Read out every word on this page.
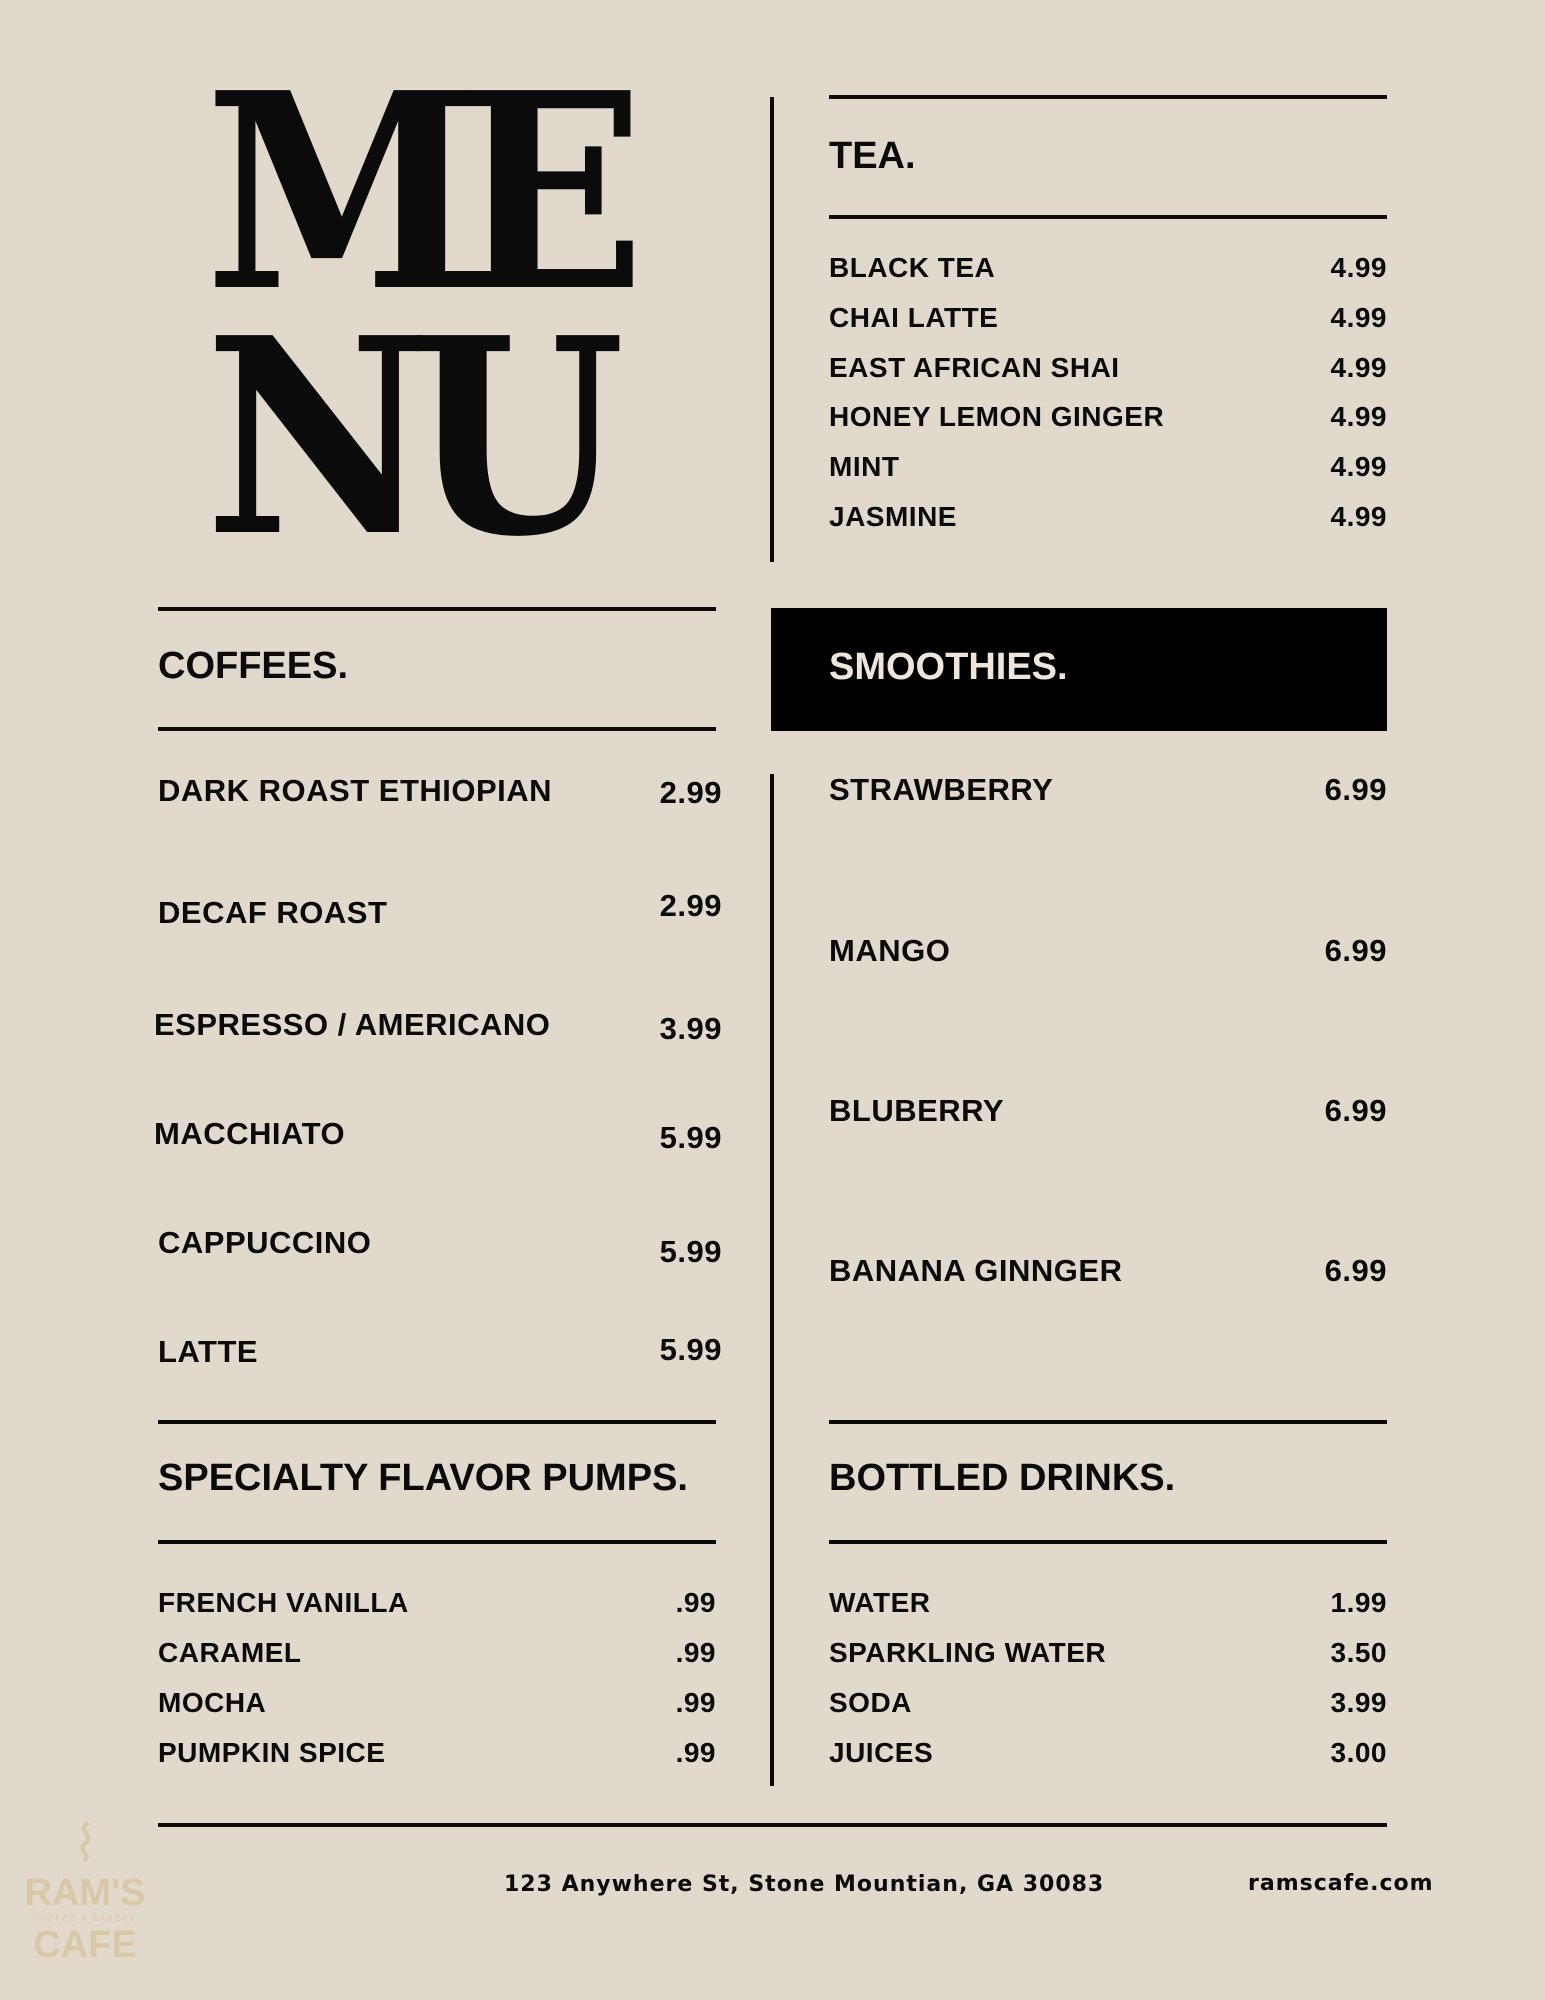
ME
NU
TEA.
BLACK TEA	4.99
CHAI LATTE	4.99
EAST AFRICAN SHAI	4.99
HONEY LEMON GINGER	4.99
MINT	4.99
JASMINE	4.99
COFFEES.
DARK ROAST ETHIOPIAN	2.99
DECAF ROAST	2.99
ESPRESSO / AMERICANO	3.99
MACCHIATO	5.99
CAPPUCCINO	5.99
LATTE	5.99
SMOOTHIES.
STRAWBERRY	6.99
MANGO	6.99
BLUBERRY	6.99
BANANA GINNGER	6.99
SPECIALTY FLAVOR PUMPS.
FRENCH VANILLA	.99
CARAMEL	.99
MOCHA	.99
PUMPKIN SPICE	.99
BOTTLED DRINKS.
WATER	1.99
SPARKLING WATER	3.50
SODA	3.99
JUICES	3.00
123 Anywhere St, Stone Mountian, GA 30083	ramscafe.com
RAM'S
COFFEE & BAKERY
CAFE
